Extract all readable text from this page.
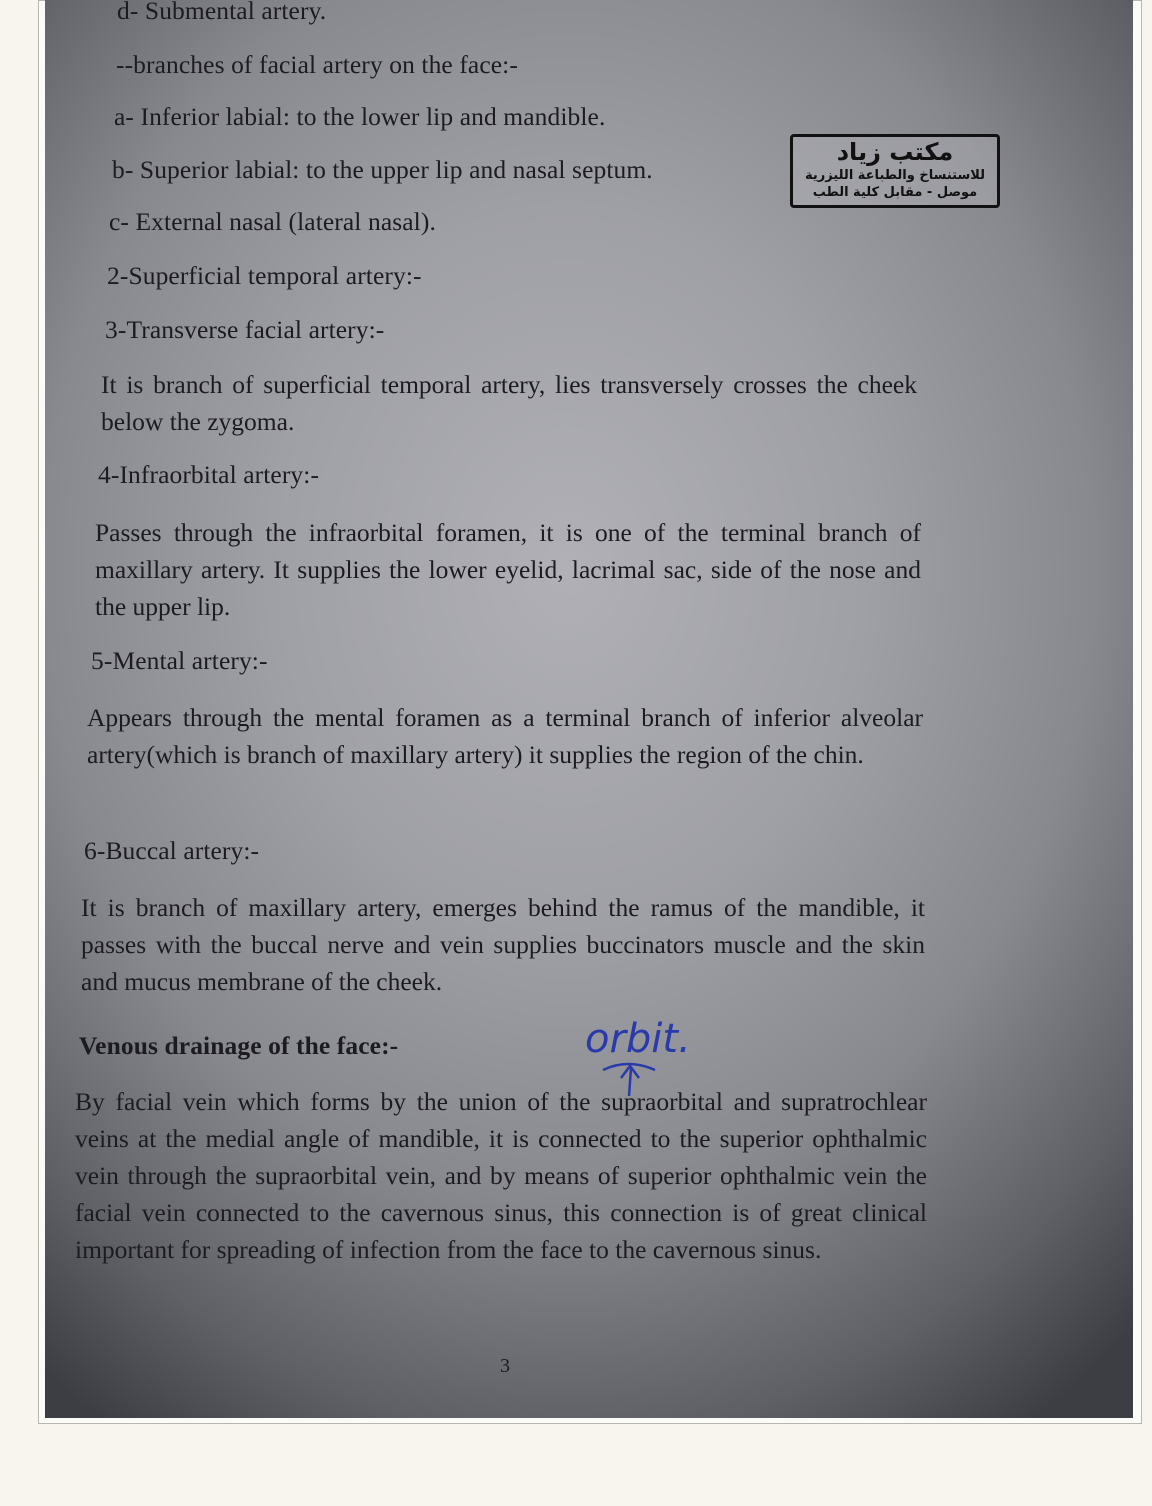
d- Submental artery.
--branches of facial artery on the face:-
a- Inferior labial: to the lower lip and mandible.
b- Superior labial: to the upper lip and nasal septum.
c- External nasal (lateral nasal).
مكتب زياد
للاستنساخ والطباعة الليزرية
موصل - مقابل كلية الطب
2-Superficial temporal artery:-
3-Transverse facial artery:-
It is branch of superficial temporal artery, lies transversely crosses the cheek below the zygoma.
4-Infraorbital artery:-
Passes through the infraorbital foramen, it is one of the terminal branch of maxillary artery. It supplies the lower eyelid, lacrimal sac, side of the nose and the upper lip.
5-Mental artery:-
Appears through the mental foramen as a terminal branch of inferior alveolar artery(which is branch of maxillary artery) it supplies the region of the chin.
6-Buccal artery:-
It is branch of maxillary artery, emerges behind the ramus of the mandible, it passes with the buccal nerve and vein supplies buccinators muscle and the skin and mucus membrane of the cheek.
Venous drainage of the face:-	orbit.
By facial vein which forms by the union of the supraorbital and supratrochlear veins at the medial angle of mandible, it is connected to the superior ophthalmic vein through the supraorbital vein, and by means of superior ophthalmic vein the facial vein connected to the cavernous sinus, this connection is of great clinical important for spreading of infection from the face to the cavernous sinus.
3
